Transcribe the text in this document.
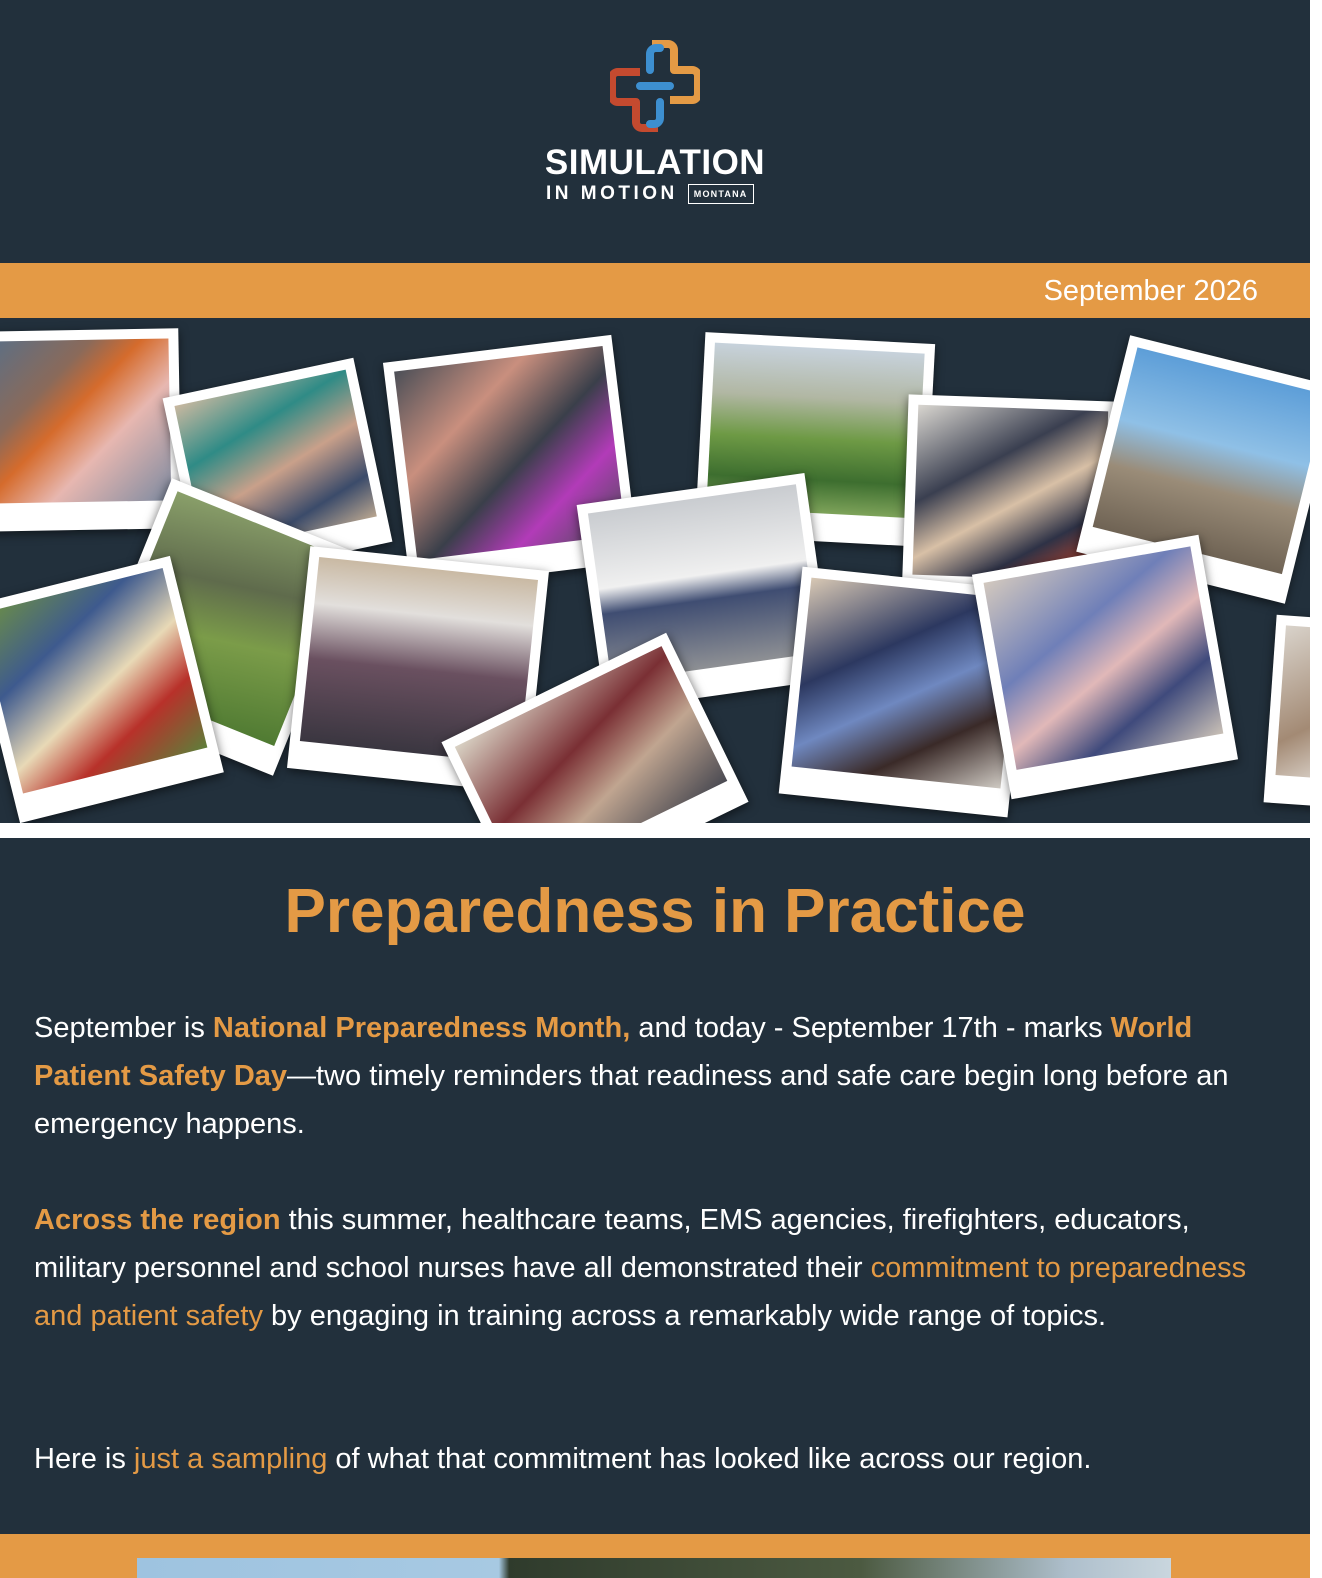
SIMULATION
IN MOTION	MONTANA
September 2026
Preparedness in Practice

September is National Preparedness Month, and today - September 17th - marks World Patient Safety Day—two timely reminders that readiness and safe care begin long before an emergency happens.

Across the region this summer, healthcare teams, EMS agencies, firefighters, educators, military personnel and school nurses have all demonstrated their commitment to preparedness and patient safety by engaging in training across a remarkably wide range of topics.

Here is just a sampling of what that commitment has looked like across our region.
